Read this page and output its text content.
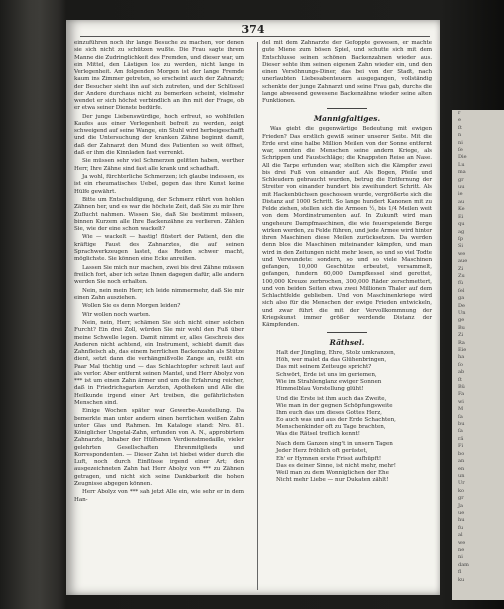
r

e

ſt

n

ni

ſe

Die

Lu

ma

gr

uu

ie

au

Ke

Ei

qu

ag

ſp

Si

we

aue

Zi

Zu

fü

ſel

ga

De

Un

ge

Bu

Zi

Ra

Eie

ha

ſo

ab

ſt

Bü

Fa

wi

M

ſa

bu

ſa

rä

Fi

bo

an

en

un

Ur

ko

gr

Ja

ue

hu

fu

al

we

ne

ni

dam

fl

ku

374

einzuführen noch ihr lange Besuche zu machen, vor denen sie sich nicht zu schützen wußte. Die Frau sagte ihrem Manne die Zudringlichkeit des Fremden, und dieser war, um ein Mittel, den Lästigen los zu werden, nicht lange in Verlegenheit. Am folgenden Morgen ist der lange Fremde kaum ins Zimmer getreten, so erscheint auch der Zahnarzt; der Besucher sieht ihn auf sich zutreten, und der Schlüssel der Andere durchaus nicht zu bemerken scheint, vielmehr wendet er sich höchst verbindlich an ihn mit der Frage, ob er etwa seiner Dienste bedürfe.

Der junge Liebenswürdige, hoch erfreut, so wohlfeilen Kaufes aus einer Verlegenheit befreit zu werden, zeigt schweigend auf seine Wange, ein Stuhl wird herbeigeschafft und die Untersuchung der kranken Zähne beginnt damit, daß der Zahnarzt den Mund des Patienten so weit öffnet, daß er ihm die Kinnladen fast verrenkt.

Sie müssen sehr viel Schmerzen gelitten haben, werther Herr, Ihre Zähne sind fast alle krank und schadhaft.

Ja wohl, fürchterliche Schmerzen; ich glaube indessen, es ist ein rheumatisches Uebel, gegen das ihre Kunst keine Hülfe gewährt.

Bitte um Entschuldigung, der Schmerz rührt von hohlen Zähnen her, und es war die höchste Zeit, daß Sie zu mir Ihre Zuflucht nahmen. Wissen Sie, daß Sie bestimmt müssen, binnen Kurzem alle Ihre Backenzähne zu verlieren. Zählen Sie, wie der eine schon wackelt?

Wie — wackelt — hastig! flüstert der Patient, den die kräftige Faust des Zahnarztes, die auf seinen Sprachwerkzeugen lastet, das Reden schwer macht, möglichste. Sie können eine Ecke anreißen.

Lassen Sie mich nur machen, zwei bis drei Zähne müssen freilich fort, aber ich setze Ihnen dagegen dafür, alle andern werden Sie noch erhalten.

Nein, nein mein Herr, ich leide nimmermehr, daß Sie mir einen Zahn ausziehen.

Wollen Sie es denn Morgen leiden?

Wir wollen noch warten.

Nein, nein, Herr, schämen Sie sich nicht einer solchen Furcht? Ein drei Zoll, würden Sie mir wohl den Fuß über meine Schwelle legen. Damit nimmt er, alles Geschreis des Anderen nicht achtend, ein Instrument, schiebt damit das Zahnfleisch ab, das einem herrlichen Backenzahn als Stütze dient, setzt dann die verhängnißvolle Zange an, reißt ein Paar Mal tüchtig und — das Schlachtopfer schreit laut auf als verlor. Aber entfernt seinen Mantel, und Herr Abolyz von *** ist um einen Zahn ärmer und um die Erfahrung reicher, daß in Friedrichsgarten Aerzten, Apotheken und Alle die Heilkunde irgend einer Art treiben, die gefährlichsten Menschen sind.

Einige Wochen später war Gewerbe-Ausstellung. Da bemerkte man unter andern einen herrlichen weißen Zahn unter Glas und Rahmen. Im Kataloge stand: Nro. 81. Königlicher Ungetal-Zahn, erfunden von A. N., approbirtem Zahnarzte, Inhaber der Hülfsmen Verdienstmedaille, vieler gelehrten Gesellschaften Ehrenmitglieds und Korrespondenten. — Dieser Zahn ist hiebei wider durch die Luft, noch durch Einflüsse irgend einer Art; den ausgezeichneten Zahn hat Herr Abolyz von *** zu Zähnen getragen, und nicht sich seine Dankbarkeit die hohen Zeugnisse abgegen können.

Herr Abolyz von *** sah jetzt Alle ein, wie sehr er in dem Han-

del mit dem Zahnarzte der Gefoppte gewesen, er machte gute Miene zum bösen Spiel, und schutte sich mit dem Entschlusse seinen schönen Backenzahnen wieder aus. Dieser sehte ihm seinen eigenen Zahn wieder ein, und den einen Versöhnungs-Diner, das bei von der Stadt, nach unerlaubten Liebesabenteuern ausgegangen, vollständig schenkte der junge Zahnarzt und seine Frau gab, durchs die lange abwesend gewesene Backenzähne wieder seine alten Funktionen.

Mannigfaltiges.

Was giebt die gegenwärtige Bedeutung mit ewigen Frieden? Das erstlich gewiß seiner unserer Seite. Mit die Erde erst eine halbe Million Meilen von der Sonne entfernt war, sonnten die Menschen seine andern Kriege, als Schrippen und Faustschläge; die Knappsten Reise an Nase. All die Tarpe erfunden war, stellten sich die Kämpfer zwei bis drei Fuß von einander auf. Als Bogen, Pfeile und Schleudern gebraucht wurden, betrug die Entfernung der Streiter von einander hundert bis zweihundert Schritt. Als mit Hackenbüchsen geschossen wurde, vergrößerte sich die Distanz auf 1000 Schritt. So lange hundert Kanonen mit zu Felde ziehen, stellen sich die Armeen ½, bis 1/4 Meilen weit von dem Mordinstrumenten auf. In Zukunft wird man ungeheure Dampfmaschinen, die wie feuerspeiende Berge wirken werden, zu Felde führen, und jede Armee wird hinter ihren Maschinen diese Meilen zurücksetzen. Da werden denn blos die Maschinen miteinander kämpfen, und man wird in den Zeitungen nicht mehr lesen, so und so viel Todte und Verwundete: sondern, so und so viele Maschinen gefangen, 10,000 Geschütze erbeutet, versammelt, gefangen, fundern 60,000 Dampfkessel sind gerettet, 100,000 Kreuze zerbrochen, 300,000 Räder zerschmettert, und von beiden Seiten etwa zwei Millionen Thaler auf dem Schlachtfelde geblieben. Und von Maschinenkriege wird sich also für die Menschen der ewige Frieden entwickeln, und zwar führt die mit der Vervollkommnung der Kriegskunst immer größer werdende Distanz der Kämpfenden.

Räthsel.
Halt der Jüngling, Ehre, Stolz umkranzen,
Höh, wer malet da das Glühenbringen,
Das mit seinem Zeiteuge spricht?
Schwört, Erde ist uns im geriemen,
Wie im Strahlenglanz ewiger Sonnen
Himmelblau Vorstellung glüht!
Und die Erste ist ihm auch das Zweite,
Wie man in der gegnen Schöpfungsweite
Ihm euch das um dieses Gottes Herz,
Eo auch was und aus der Erde Schachten,
Menschenkinder oft zu Tage brachten,
Was die Rätsel treflich kennt!
Nach dem Ganzen sing't in unsern Tagen
Jeder Herz fröhlich oft gerüstet,
Eh' er Hymnen erste Frisst aufhüpft!
Das es deiner Sinne, ist nicht mehr, mehr!
Weil man zu dem Wonniglichen der Ehe
Nicht mehr Liebe — nur Dukaten zählt!
